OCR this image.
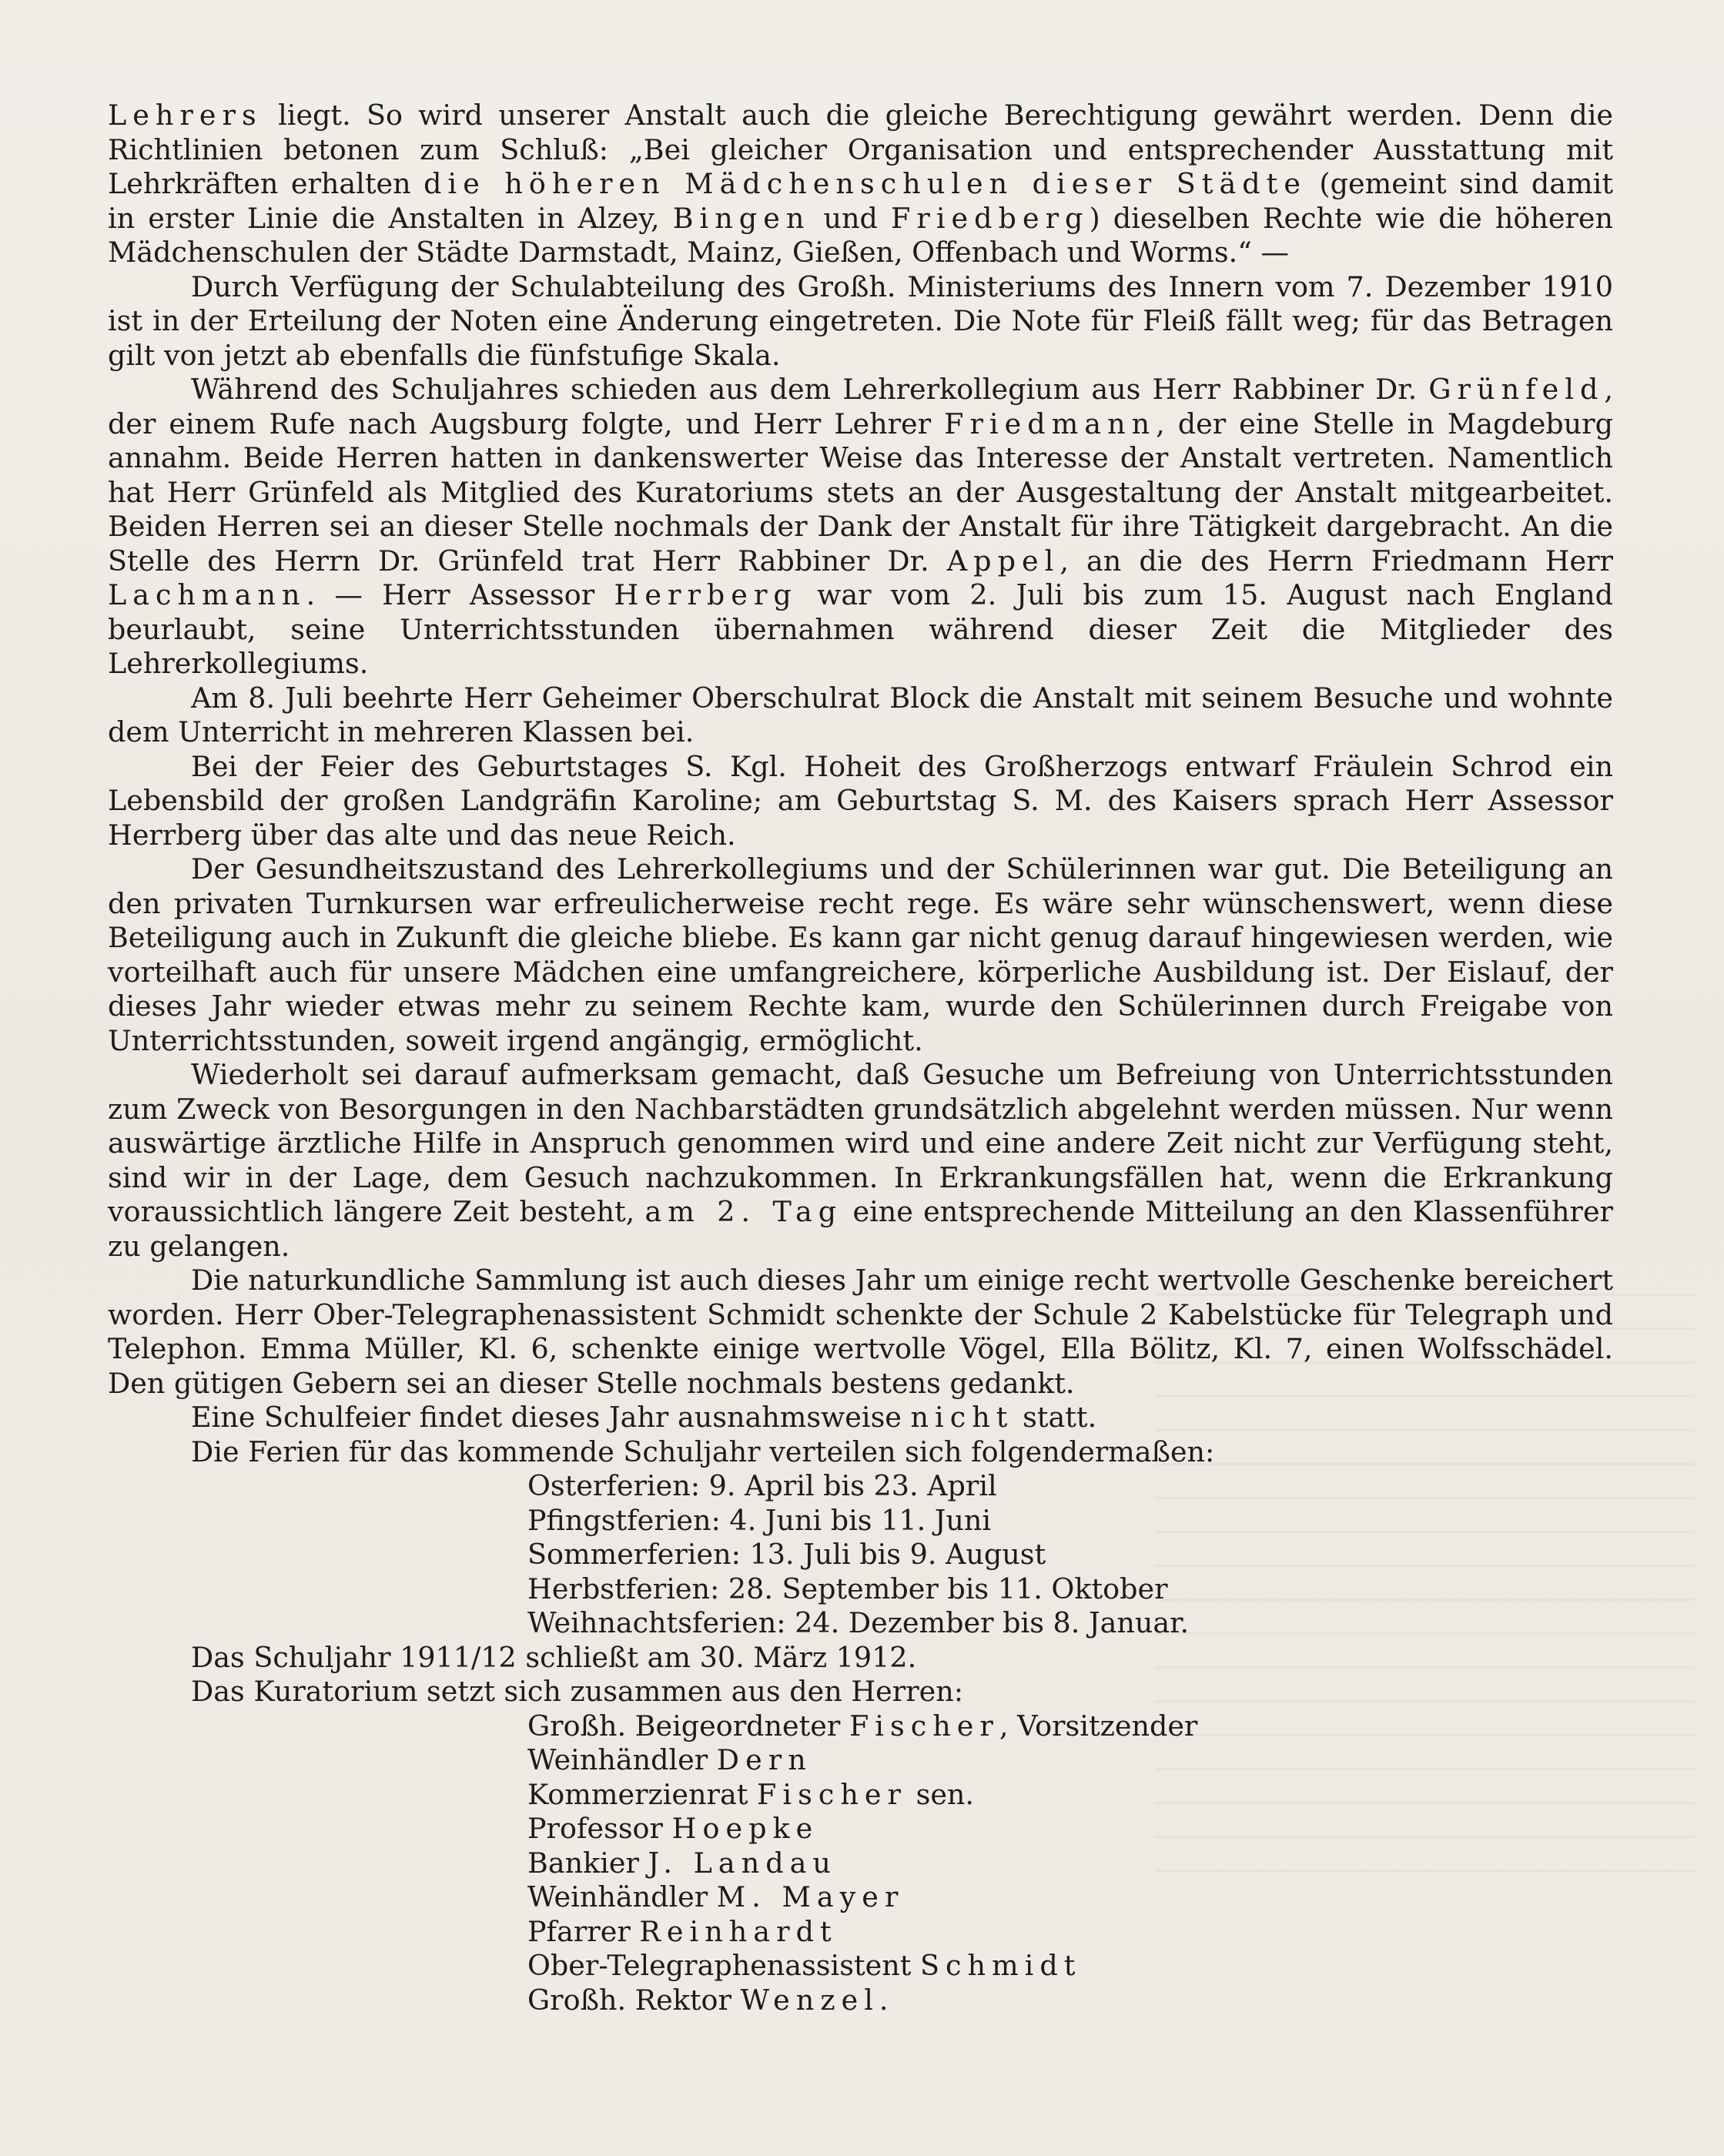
Lehrers liegt. So wird unserer Anstalt auch die gleiche Berechtigung gewährt werden. Denn die Richtlinien betonen zum Schluß: „Bei gleicher Organisation und entsprechender Ausstattung mit Lehrkräften erhalten die höheren Mädchenschulen dieser Städte (gemeint sind damit in erster Linie die Anstalten in Alzey, Bingen und Friedberg) dieselben Rechte wie die höheren Mädchenschulen der Städte Darmstadt, Mainz, Gießen, Offenbach und Worms.“ —

Durch Verfügung der Schulabteilung des Großh. Ministeriums des Innern vom 7. Dezember 1910 ist in der Erteilung der Noten eine Änderung eingetreten. Die Note für Fleiß fällt weg; für das Betragen gilt von jetzt ab ebenfalls die fünfstufige Skala.

Während des Schuljahres schieden aus dem Lehrerkollegium aus Herr Rabbiner Dr. Grünfeld, der einem Rufe nach Augsburg folgte, und Herr Lehrer Friedmann, der eine Stelle in Magdeburg annahm. Beide Herren hatten in dankenswerter Weise das Interesse der Anstalt vertreten. Namentlich hat Herr Grünfeld als Mitglied des Kuratoriums stets an der Ausgestaltung der Anstalt mitgearbeitet. Beiden Herren sei an dieser Stelle nochmals der Dank der Anstalt für ihre Tätigkeit dargebracht. An die Stelle des Herrn Dr. Grünfeld trat Herr Rabbiner Dr. Appel, an die des Herrn Friedmann Herr Lachmann. — Herr Assessor Herrberg war vom 2. Juli bis zum 15. August nach England beurlaubt, seine Unterrichtsstunden übernahmen während dieser Zeit die Mitglieder des Lehrerkollegiums.

Am 8. Juli beehrte Herr Geheimer Oberschulrat Block die Anstalt mit seinem Besuche und wohnte dem Unterricht in mehreren Klassen bei.

Bei der Feier des Geburtstages S. Kgl. Hoheit des Großherzogs entwarf Fräulein Schrod ein Lebensbild der großen Landgräfin Karoline; am Geburtstag S. M. des Kaisers sprach Herr Assessor Herrberg über das alte und das neue Reich.

Der Gesundheitszustand des Lehrerkollegiums und der Schülerinnen war gut. Die Beteiligung an den privaten Turnkursen war erfreulicherweise recht rege. Es wäre sehr wünschenswert, wenn diese Beteiligung auch in Zukunft die gleiche bliebe. Es kann gar nicht genug darauf hingewiesen werden, wie vorteilhaft auch für unsere Mädchen eine umfangreichere, körperliche Ausbildung ist. Der Eislauf, der dieses Jahr wieder etwas mehr zu seinem Rechte kam, wurde den Schülerinnen durch Freigabe von Unterrichtsstunden, soweit irgend angängig, ermöglicht.

Wiederholt sei darauf aufmerksam gemacht, daß Gesuche um Befreiung von Unterrichtsstunden zum Zweck von Besorgungen in den Nachbarstädten grundsätzlich abgelehnt werden müssen. Nur wenn auswärtige ärztliche Hilfe in Anspruch genommen wird und eine andere Zeit nicht zur Verfügung steht, sind wir in der Lage, dem Gesuch nachzukommen. In Erkrankungsfällen hat, wenn die Erkrankung voraussichtlich längere Zeit besteht, am 2. Tag eine entsprechende Mitteilung an den Klassenführer zu gelangen.

Die naturkundliche Sammlung ist auch dieses Jahr um einige recht wertvolle Geschenke bereichert worden. Herr Ober-Telegraphenassistent Schmidt schenkte der Schule 2 Kabelstücke für Telegraph und Telephon. Emma Müller, Kl. 6, schenkte einige wertvolle Vögel, Ella Bölitz, Kl. 7, einen Wolfsschädel. Den gütigen Gebern sei an dieser Stelle nochmals bestens gedankt.

Eine Schulfeier findet dieses Jahr ausnahmsweise nicht statt.

Die Ferien für das kommende Schuljahr verteilen sich folgendermaßen:

Osterferien: 9. April bis 23. April
Pfingstferien: 4. Juni bis 11. Juni
Sommerferien: 13. Juli bis 9. August
Herbstferien: 28. September bis 11. Oktober
Weihnachtsferien: 24. Dezember bis 8. Januar.

Das Schuljahr 1911/12 schließt am 30. März 1912.

Das Kuratorium setzt sich zusammen aus den Herren:

Großh. Beigeordneter Fischer, Vorsitzender
Weinhändler Dern
Kommerzienrat Fischer sen.
Professor Hoepke
Bankier J. Landau
Weinhändler M. Mayer
Pfarrer Reinhardt
Ober-Telegraphenassistent Schmidt
Großh. Rektor Wenzel.
